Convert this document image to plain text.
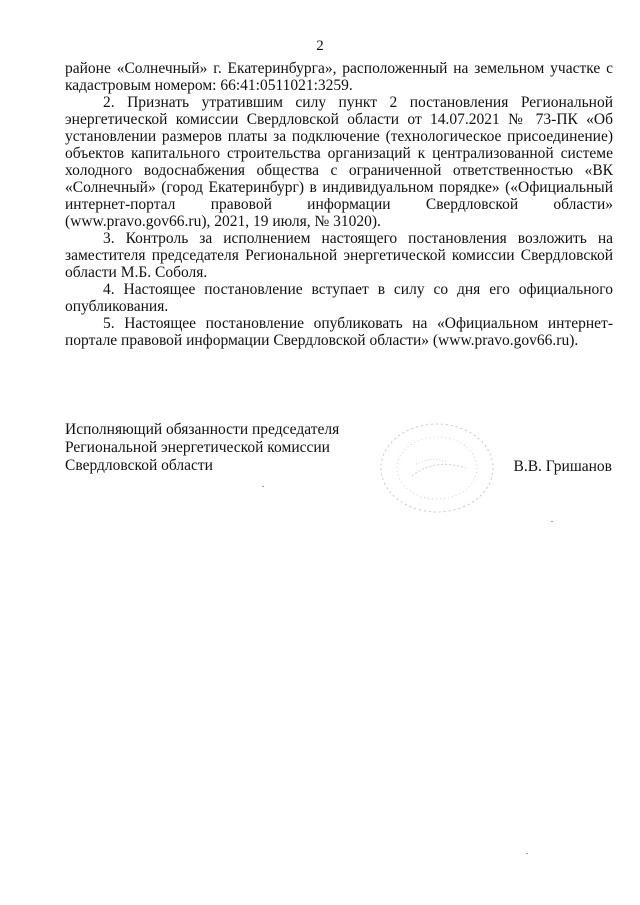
2

районе «Солнечный» г. Екатеринбурга», расположенный на земельном участке с кадастровым номером: 66:41:0511021:3259.

2. Признать утратившим силу пункт 2 постановления Региональной энергетической комиссии Свердловской области от 14.07.2021 № 73-ПК «Об установлении размеров платы за подключение (технологическое присоединение) объектов капитального строительства организаций к централизованной системе холодного водоснабжения общества с ограниченной ответственностью «ВК «Солнечный» (город Екатеринбург) в индивидуальном порядке» («Официальный интернет-портал правовой информации Свердловской области» (www.pravo.gov66.ru), 2021, 19 июля, № 31020).

3. Контроль за исполнением настоящего постановления возложить на заместителя председателя Региональной энергетической комиссии Свердловской области М.Б. Соболя.

4. Настоящее постановление вступает в силу со дня его официального опубликования.

5. Настоящее постановление опубликовать на «Официальном интернет-портале правовой информации Свердловской области» (www.pravo.gov66.ru).

Исполняющий обязанности председателя
Региональной энергетической комиссии
Свердловской области	В.В. Гришанов
